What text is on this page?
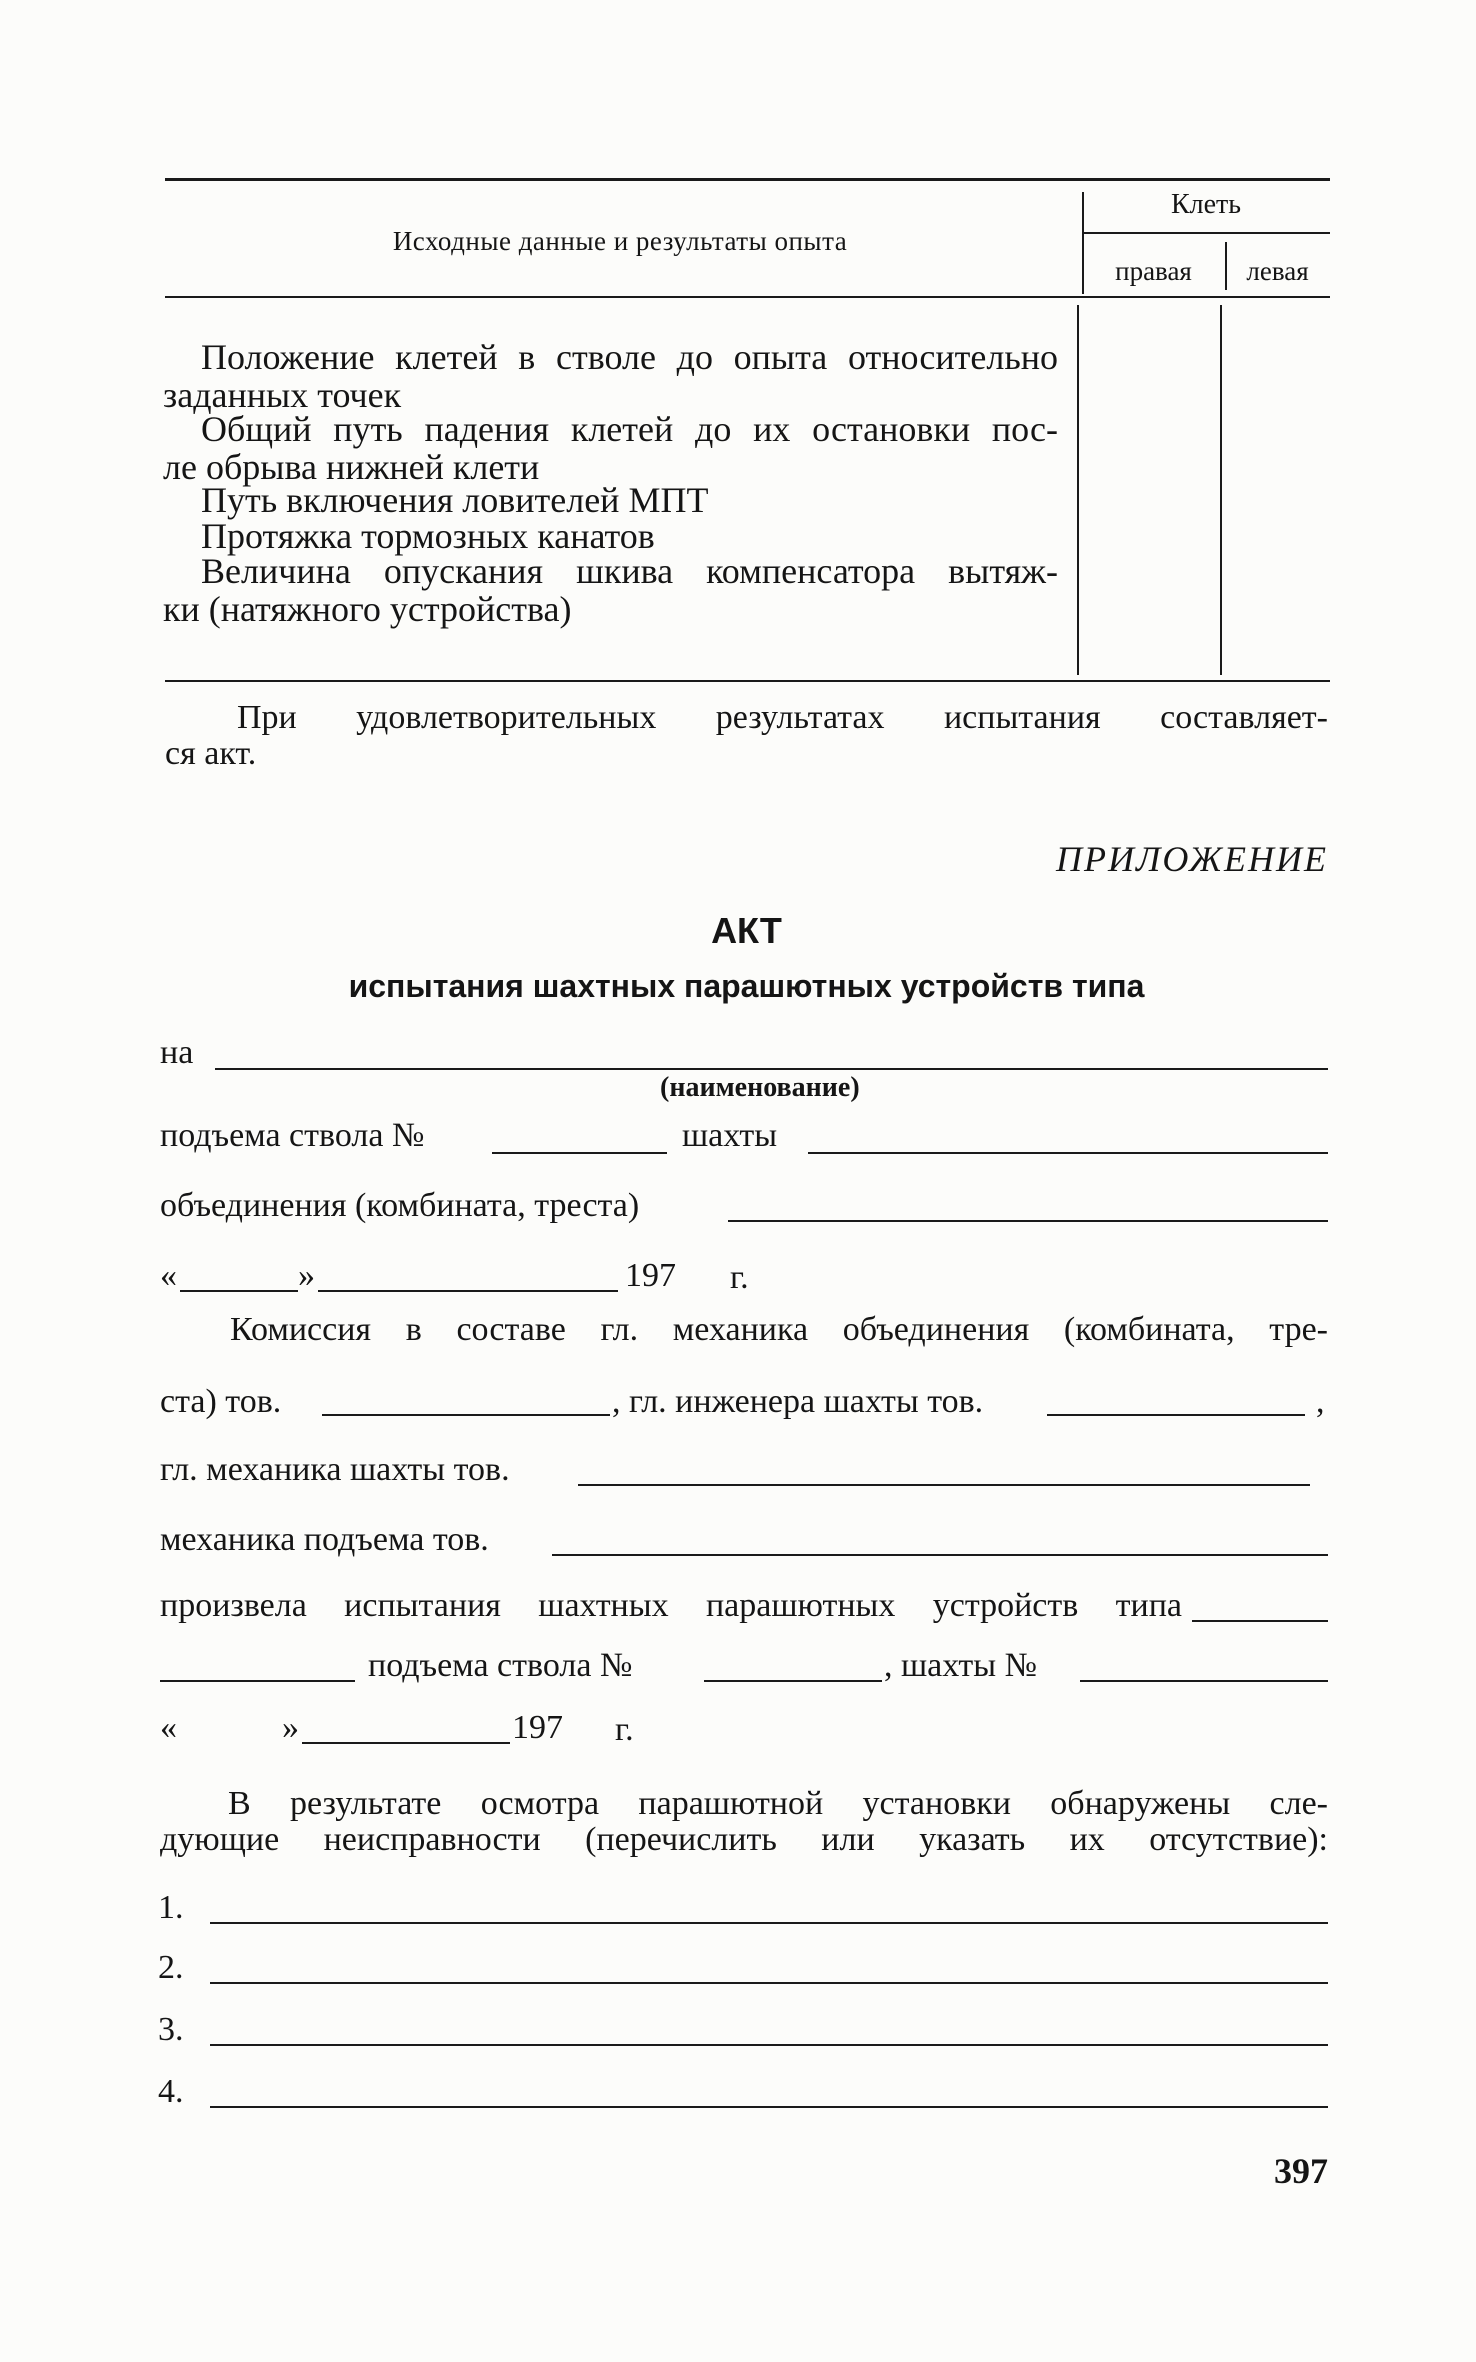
Исходные данные и результаты опыта
Клеть
правая	левая
Положение клетей в стволе до опыта относительно
заданных точек
Общий путь падения клетей до их остановки пос-
ле обрыва нижней клети
Путь включения ловителей МПТ
Протяжка тормозных канатов
Величина опускания шкива компенсатора вытяж-
ки (натяжного устройства)
При удовлетворительных результатах испытания составляет-
ся акт.
ПРИЛОЖЕНИЕ
АКТ
испытания шахтных парашютных устройств типа
на
(наименование)
подъема ствола №	шахты
объединения (комбината, треста)
«	»	197 г.
Комиссия в составе гл. механика объединения (комбината, тре-
ста) тов.	, гл. инженера шахты тов.	,
гл. механика шахты тов.
механика подъема тов.
произвела испытания шахтных парашютных устройств типа
подъема ствола №	, шахты №
«	»	197 г.
В результате осмотра парашютной установки обнаружены сле-
дующие неисправности (перечислить или указать их отсутствие):
1.
2.
3.
4.
397
